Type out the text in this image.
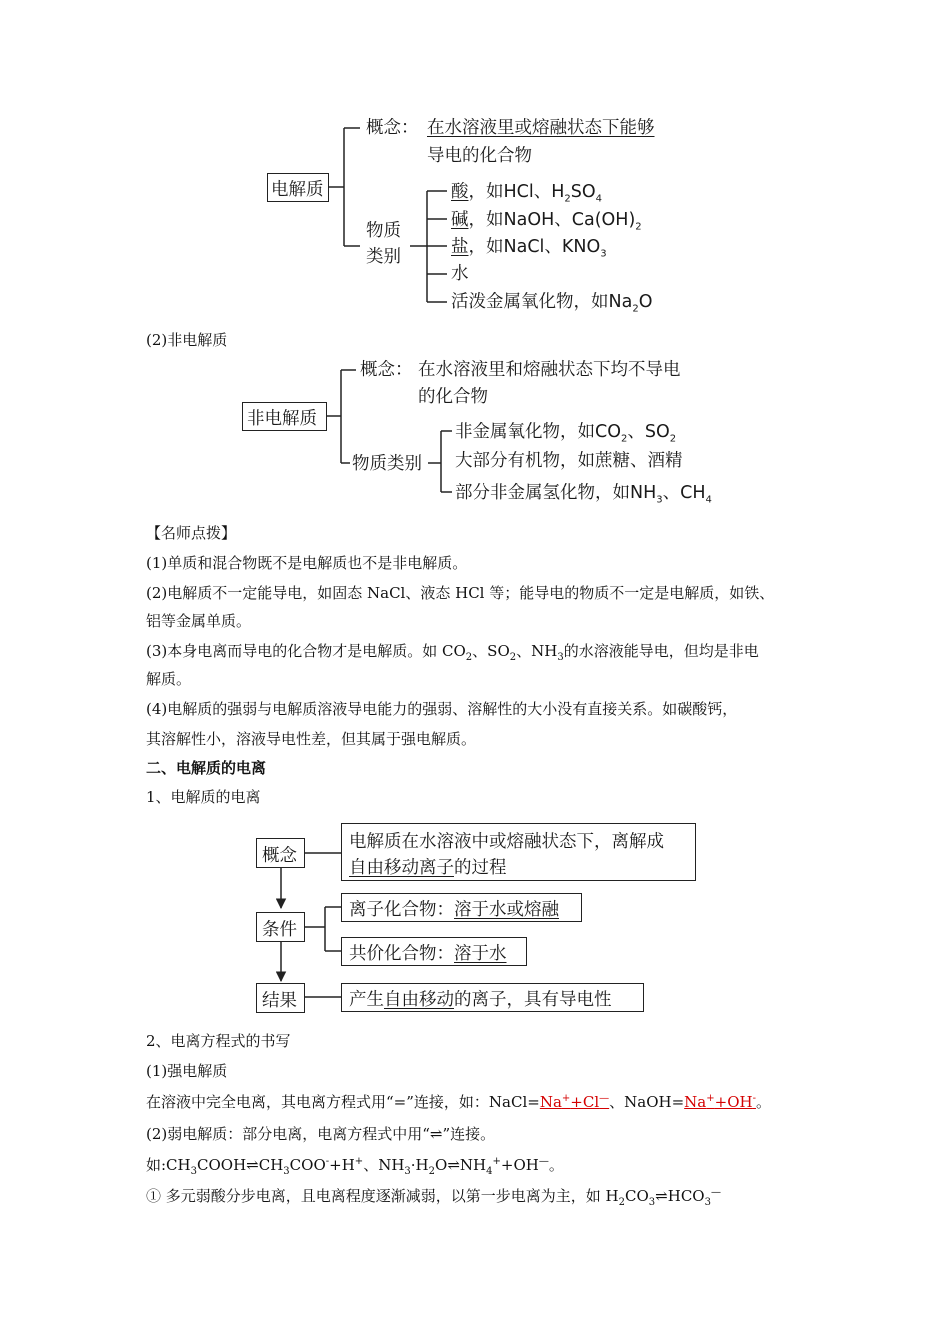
电解质
概念： 在水溶液里或熔融状态下能够
导电的化合物
物质
类别
酸，如HCl、$H_2SO_4$
碱，如NaOH、$Ca(OH)_2$
盐，如NaCl、$KNO_3$
水
活泼金属氧化物，如$Na_2O$
(2)非电解质
非电解质
概念： 在水溶液里和熔融状态下均不导电
的化合物
物质类别
非金属氧化物，如$CO_2$、$SO_2$
大部分有机物，如蔗糖、酒精
部分非金属氢化物，如$NH_3$、$CH_4$
【名师点拨】
(1)单质和混合物既不是电解质也不是非电解质。
(2)电解质不一定能导电，如固态 NaCl、液态 HCl 等；能导电的物质不一定是电解质，如铁、
铝等金属单质。
(3)本身电离而导电的化合物才是电解质。如 $CO_2$、$SO_2$、$NH_3$的水溶液能导电，但均是非电
解质。
(4)电解质的强弱与电解质溶液导电能力的强弱、溶解性的大小没有直接关系。如碳酸钙，
其溶解性小，溶液导电性差，但其属于强电解质。
二、电解质的电离
1、电解质的电离
概念
电解质在水溶液中或熔融状态下，离解成
自由移动离子的过程
条件
离子化合物：溶于水或熔融
共价化合物：溶于水
结果	产生自由移动的离子，具有导电性
2、电离方程式的书写
(1)强电解质
在溶液中完全电离，其电离方程式用“=”连接，如：NaCl=Na++Cl—、NaOH=Na++OH-。
(2)弱电解质：部分电离，电离方程式中用“⇌”连接。
如$:CH_3COOH\rightleftharpoons CH_3COO^-+H^+$、$NH_3\cdot H_2O\rightleftharpoons NH_4^++OH^—$。
① 多元弱酸分步电离，且电离程度逐渐减弱，以第一步电离为主，如 $H_2CO_3\rightleftharpoons HCO_3^—$
